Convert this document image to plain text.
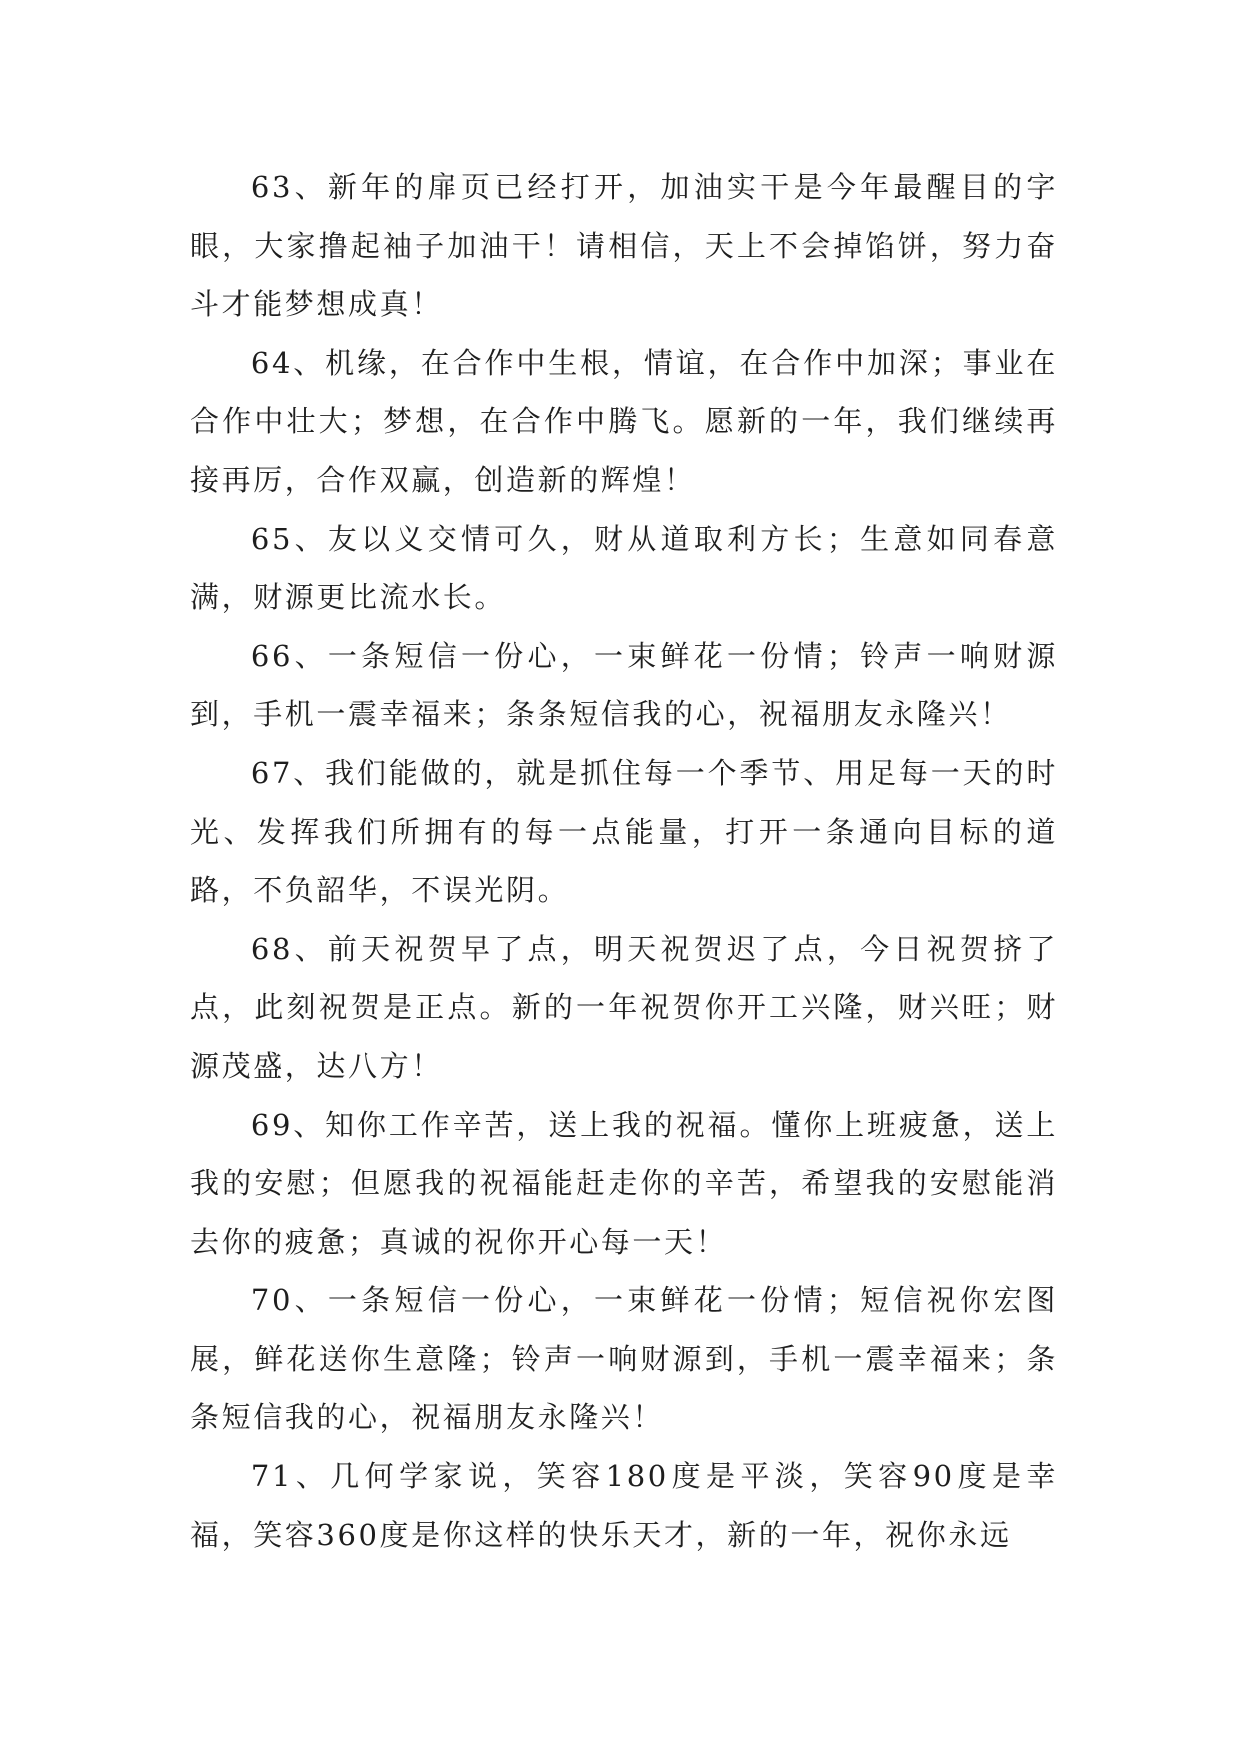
63、新年的扉页已经打开，加油实干是今年最醒目的字眼，大家撸起袖子加油干！请相信，天上不会掉馅饼，努力奋斗才能梦想成真！

64、机缘，在合作中生根，情谊，在合作中加深；事业在合作中壮大；梦想，在合作中腾飞。愿新的一年，我们继续再接再厉，合作双赢，创造新的辉煌！

65、友以义交情可久，财从道取利方长；生意如同春意满，财源更比流水长。

66、一条短信一份心，一束鲜花一份情；铃声一响财源到，手机一震幸福来；条条短信我的心，祝福朋友永隆兴！

67、我们能做的，就是抓住每一个季节、用足每一天的时光、发挥我们所拥有的每一点能量，打开一条通向目标的道路，不负韶华，不误光阴。

68、前天祝贺早了点，明天祝贺迟了点，今日祝贺挤了点，此刻祝贺是正点。新的一年祝贺你开工兴隆，财兴旺；财源茂盛，达八方！

69、知你工作辛苦，送上我的祝福。懂你上班疲惫，送上我的安慰；但愿我的祝福能赶走你的辛苦，希望我的安慰能消去你的疲惫；真诚的祝你开心每一天！

70、一条短信一份心，一束鲜花一份情；短信祝你宏图展，鲜花送你生意隆；铃声一响财源到，手机一震幸福来；条条短信我的心，祝福朋友永隆兴！

71、几何学家说，笑容180度是平淡，笑容90度是幸福，笑容360度是你这样的快乐天才，新的一年，祝你永远
